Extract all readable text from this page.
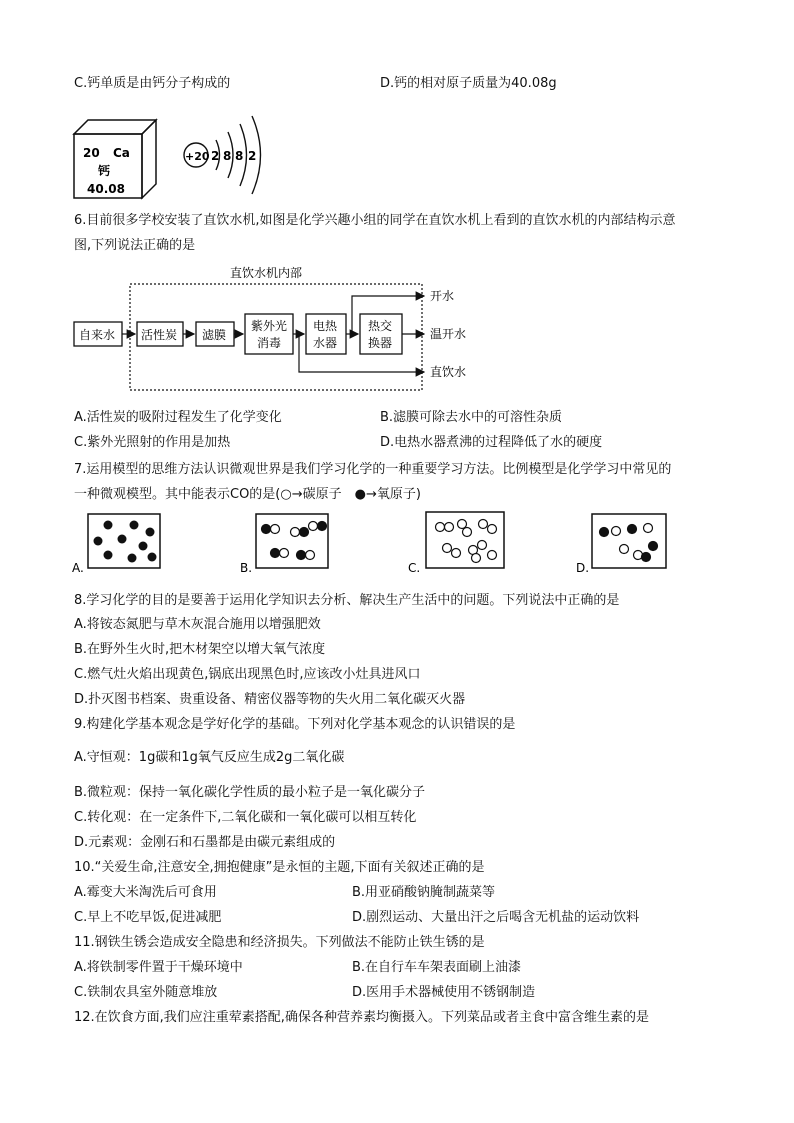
C.钙单质是由钙分子构成的	D.钙的相对原子质量为40.08g
20 Ca
钙
40.08
+20 2 8 8 2
6.目前很多学校安装了直饮水机,如图是化学兴趣小组的同学在直饮水机上看到的直饮水机的内部结构示意
图,下列说法正确的是
直饮水机内部
自来水 活性炭 滤膜
紫外光
消毒
电热
水器
热交
换器
开水
温开水
直饮水
A.活性炭的吸附过程发生了化学变化	B.滤膜可除去水中的可溶性杂质
C.紫外光照射的作用是加热	D.电热水器煮沸的过程降低了水的硬度
7.运用模型的思维方法认识微观世界是我们学习化学的一种重要学习方法。比例模型是化学学习中常见的
一种微观模型。其中能表示CO的是(○→碳原子　●→氧原子)
A.	B.	C.	D.
8.学习化学的目的是要善于运用化学知识去分析、解决生产生活中的问题。下列说法中正确的是
A.将铵态氮肥与草木灰混合施用以增强肥效
B.在野外生火时,把木材架空以增大氧气浓度
C.燃气灶火焰出现黄色,锅底出现黑色时,应该改小灶具进风口
D.扑灭图书档案、贵重设备、精密仪器等物的失火用二氧化碳灭火器
9.构建化学基本观念是学好化学的基础。下列对化学基本观念的认识错误的是
A.守恒观：1g碳和1g氧气反应生成2g二氧化碳
B.微粒观：保持一氧化碳化学性质的最小粒子是一氧化碳分子
C.转化观：在一定条件下,二氧化碳和一氧化碳可以相互转化
D.元素观：金刚石和石墨都是由碳元素组成的
10.“关爱生命,注意安全,拥抱健康”是永恒的主题,下面有关叙述正确的是
A.霉变大米淘洗后可食用	B.用亚硝酸钠腌制蔬菜等
C.早上不吃早饭,促进减肥	D.剧烈运动、大量出汗之后喝含无机盐的运动饮料
11.钢铁生锈会造成安全隐患和经济损失。下列做法不能防止铁生锈的是
A.将铁制零件置于干燥环境中	B.在自行车车架表面刷上油漆
C.铁制农具室外随意堆放	D.医用手术器械使用不锈钢制造
12.在饮食方面,我们应注重荤素搭配,确保各种营养素均衡摄入。下列菜品或者主食中富含维生素的是
